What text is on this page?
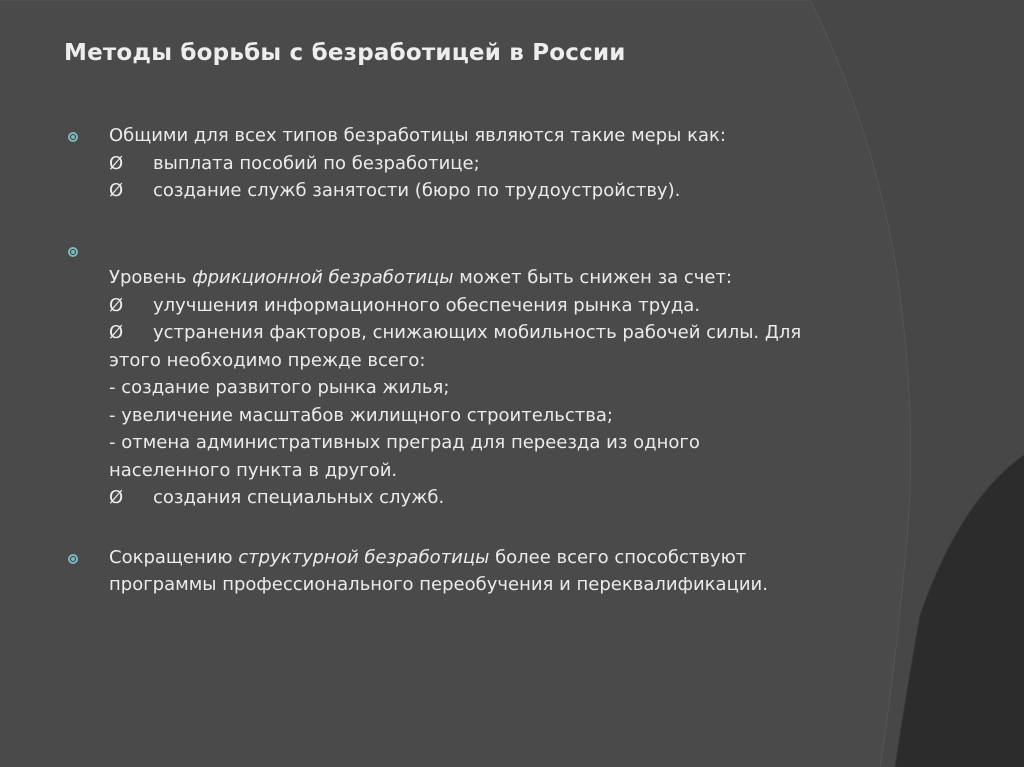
Методы борьбы с безработицей в России
Общими для всех типов безработицы являются такие меры как:
Ø выплата пособий по безработице;
Ø создание служб занятости (бюро по трудоустройству).

Уровень фрикционной безработицы может быть снижен за счет:
Ø улучшения информационного обеспечения рынка труда.
Ø устранения факторов, снижающих мобильность рабочей силы. Для
этого необходимо прежде всего:
- создание развитого рынка жилья;
- увеличение масштабов жилищного строительства;
- отмена административных преград для переезда из одного
населенного пункта в другой.
Ø создания специальных служб.
Сокращению структурной безработицы более всего способствуют
программы профессионального переобучения и переквалификации.
